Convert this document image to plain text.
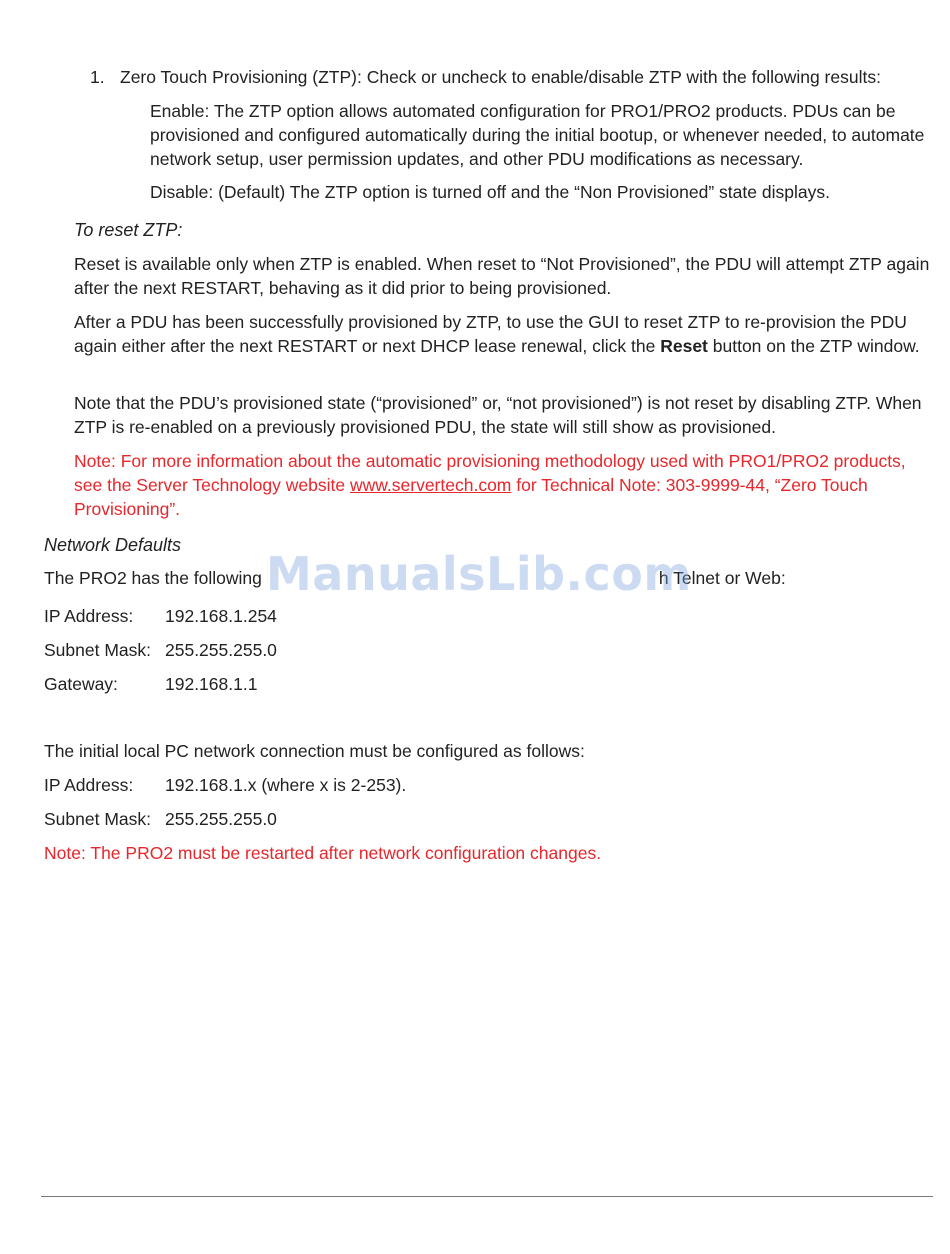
1. Zero Touch Provisioning (ZTP): Check or uncheck to enable/disable ZTP with the following results:
Enable: The ZTP option allows automated configuration for PRO1/PRO2 products. PDUs can be provisioned and configured automatically during the initial bootup, or whenever needed, to automate network setup, user permission updates, and other PDU modifications as necessary.
Disable: (Default) The ZTP option is turned off and the “Non Provisioned” state displays.
To reset ZTP:
Reset is available only when ZTP is enabled. When reset to “Not Provisioned”, the PDU will attempt ZTP again after the next RESTART, behaving as it did prior to being provisioned.
After a PDU has been successfully provisioned by ZTP, to use the GUI to reset ZTP to re-provision the PDU again either after the next RESTART or next DHCP lease renewal, click the Reset button on the ZTP window.
Note that the PDU’s provisioned state (“provisioned” or, “not provisioned”) is not reset by disabling ZTP. When ZTP is re-enabled on a previously provisioned PDU, the state will still show as provisioned.
Note: For more information about the automatic provisioning methodology used with PRO1/PRO2 products, see the Server Technology website www.servertech.com for Technical Note: 303-9999-44, “Zero Touch Provisioning”.
Network Defaults
The PRO2 has the following	h Telnet or Web:
IP Address: 192.168.1.254
Subnet Mask: 255.255.255.0
Gateway:	192.168.1.1
The initial local PC network connection must be configured as follows:
IP Address: 192.168.1.x (where x is 2-253).
Subnet Mask: 255.255.255.0
Note: The PRO2 must be restarted after network configuration changes.
ManualsLib.com
